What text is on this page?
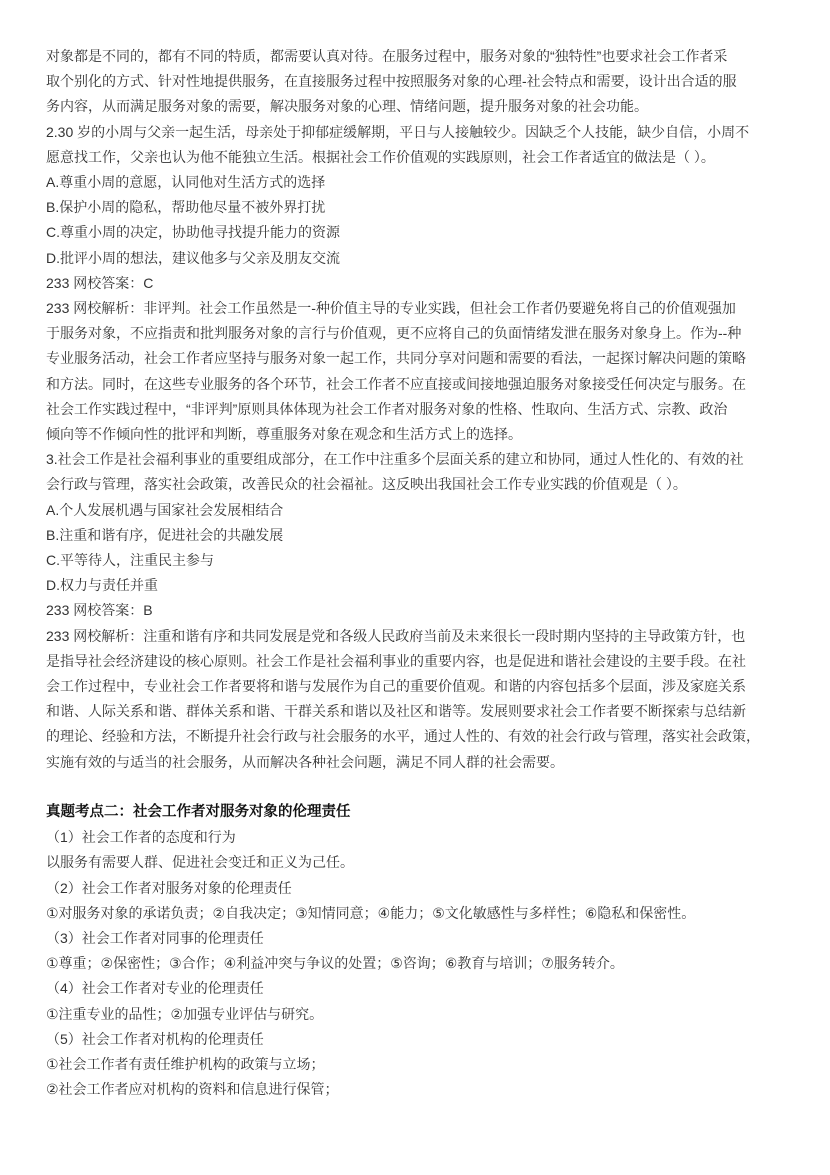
对象都是不同的，都有不同的特质，都需要认真对待。在服务过程中，服务对象的“独特性”也要求社会工作者采
取个别化的方式、针对性地提供服务，在直接服务过程中按照服务对象的心理-社会特点和需要，设计出合适的服
务内容，从而满足服务对象的需要，解决服务对象的心理、情绪问题，提升服务对象的社会功能。
2.30 岁的小周与父亲一起生活，母亲处于抑郁症缓解期，平日与人接触较少。因缺乏个人技能，缺少自信，小周不
愿意找工作，父亲也认为他不能独立生活。根据社会工作价值观的实践原则，社会工作者适宜的做法是（ ）。
A.尊重小周的意愿，认同他对生活方式的选择
B.保护小周的隐私，帮助他尽量不被外界打扰
C.尊重小周的决定，协助他寻找提升能力的资源
D.批评小周的想法，建议他多与父亲及朋友交流
233 网校答案：C
233 网校解析：非评判。社会工作虽然是一-种价值主导的专业实践，但社会工作者仍要避免将自己的价值观强加
于服务对象，不应指责和批判服务对象的言行与价值观，更不应将自己的负面情绪发泄在服务对象身上。作为--种
专业服务活动，社会工作者应坚持与服务对象一起工作，共同分享对问题和需要的看法，一起探讨解决问题的策略
和方法。同时，在这些专业服务的各个环节，社会工作者不应直接或间接地强迫服务对象接受任何决定与服务。在
社会工作实践过程中，“非评判”原则具体体现为社会工作者对服务对象的性格、性取向、生活方式、宗教、政治
倾向等不作倾向性的批评和判断，尊重服务对象在观念和生活方式上的选择。
3.社会工作是社会福利事业的重要组成部分，在工作中注重多个层面关系的建立和协同，通过人性化的、有效的社
会行政与管理，落实社会政策，改善民众的社会福祉。这反映出我国社会工作专业实践的价值观是（ ）。
A.个人发展机遇与国家社会发展相结合
B.注重和谐有序，促进社会的共融发展
C.平等待人，注重民主参与
D.权力与责任并重
233 网校答案：B
233 网校解析：注重和谐有序和共同发展是党和各级人民政府当前及未来很长一段时期内坚持的主导政策方针，也
是指导社会经济建设的核心原则。社会工作是社会福利事业的重要内容，也是促进和谐社会建设的主要手段。在社
会工作过程中，专业社会工作者要将和谐与发展作为自己的重要价值观。和谐的内容包括多个层面，涉及家庭关系
和谐、人际关系和谐、群体关系和谐、干群关系和谐以及社区和谐等。发展则要求社会工作者要不断探索与总结新
的理论、经验和方法，不断提升社会行政与社会服务的水平，通过人性的、有效的社会行政与管理，落实社会政策，
实施有效的与适当的社会服务，从而解决各种社会问题，满足不同人群的社会需要。
真题考点二：社会工作者对服务对象的伦理责任
（1）社会工作者的态度和行为
以服务有需要人群、促进社会变迁和正义为己任。
（2）社会工作者对服务对象的伦理责任
①对服务对象的承诺负责；②自我决定；③知情同意；④能力；⑤文化敏感性与多样性；⑥隐私和保密性。
（3）社会工作者对同事的伦理责任
①尊重；②保密性；③合作；④利益冲突与争议的处置；⑤咨询；⑥教育与培训；⑦服务转介。
（4）社会工作者对专业的伦理责任
①注重专业的品性；②加强专业评估与研究。
（5）社会工作者对机构的伦理责任
①社会工作者有责任维护机构的政策与立场；
②社会工作者应对机构的资料和信息进行保管；
